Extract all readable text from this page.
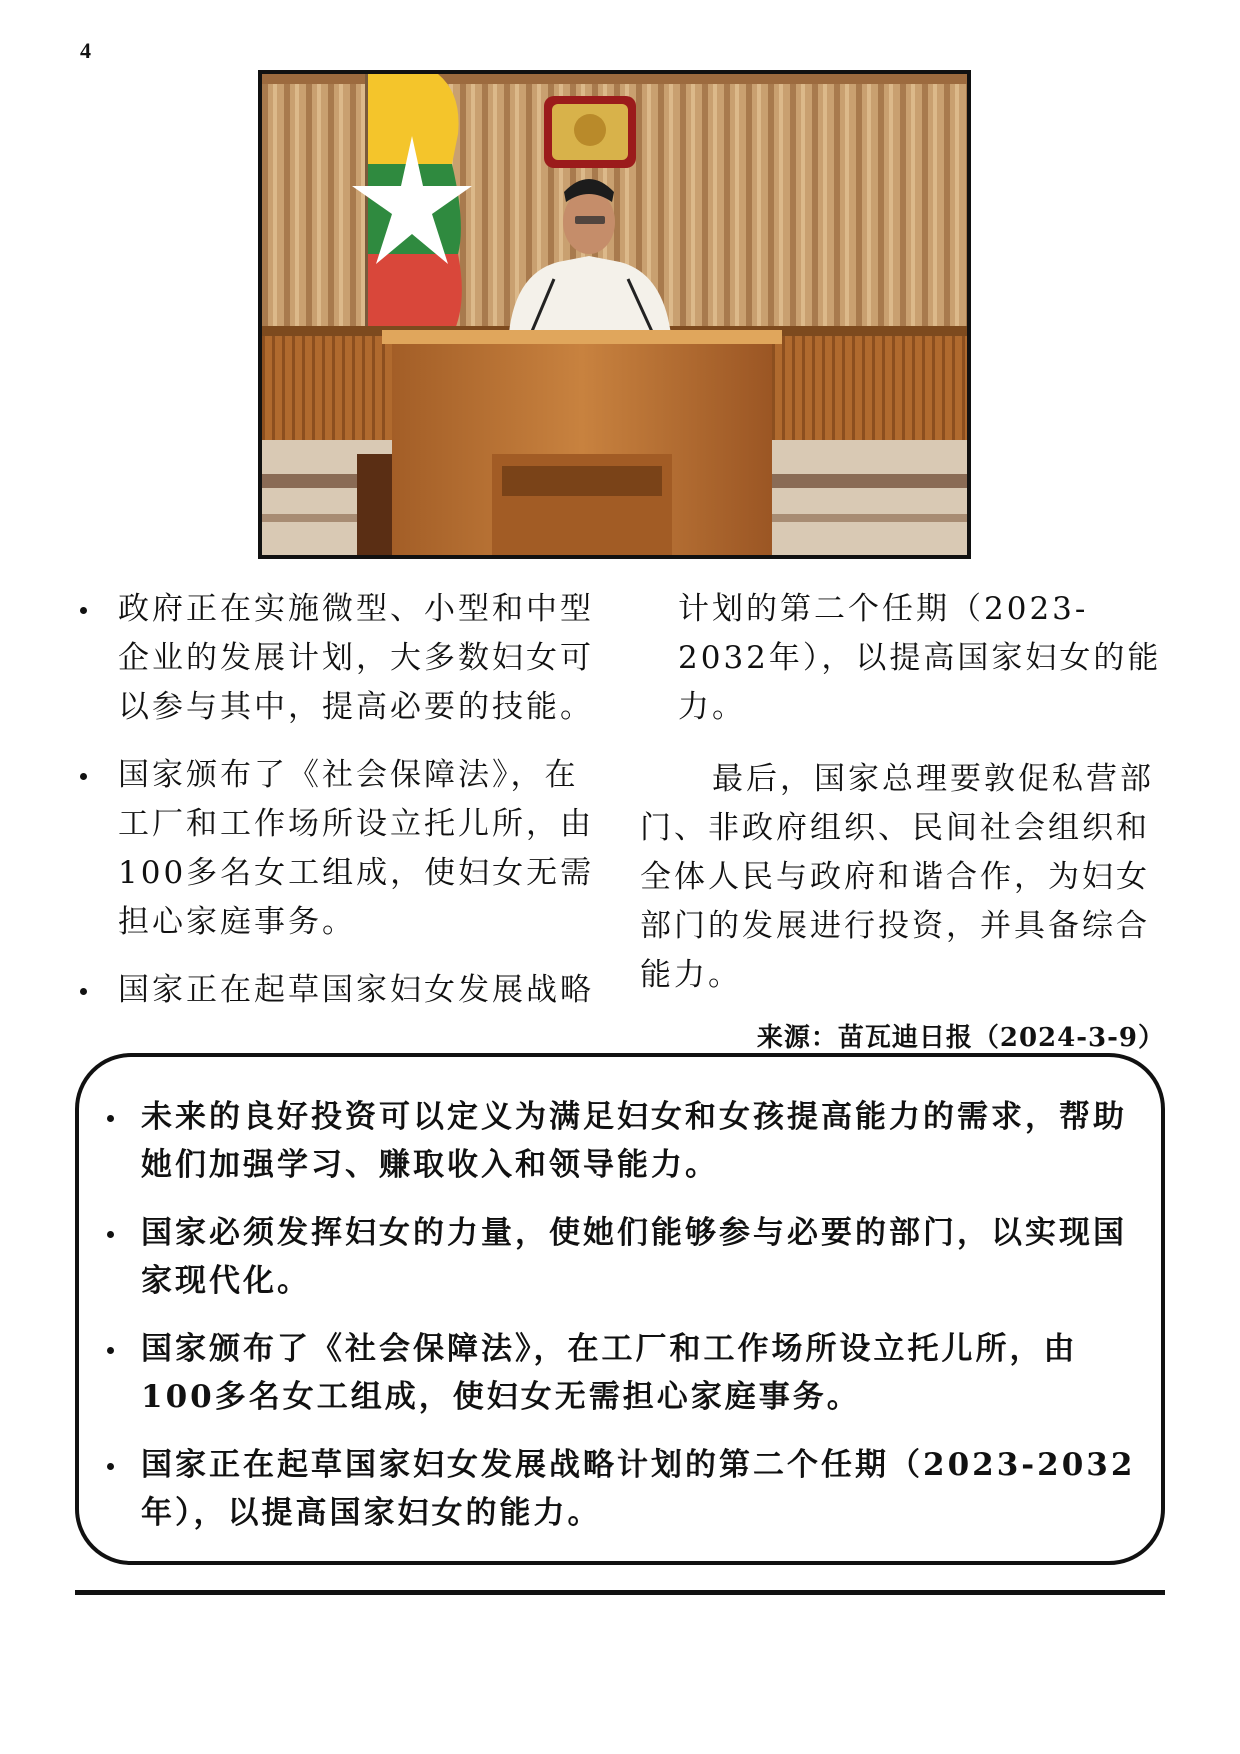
4
政府正在实施微型、小型和中型企业的发展计划，大多数妇女可以参与其中，提高必要的技能。
国家颁布了《社会保障法》，在工厂和工作场所设立托儿所，由100多名女工组成，使妇女无需担心家庭事务。
国家正在起草国家妇女发展战略

计划的第二个任期（2023-2032年），以提高国家妇女的能力。

最后，国家总理要敦促私营部门、非政府组织、民间社会组织和全体人民与政府和谐合作，为妇女部门的发展进行投资，并具备综合能力。

来源：苗瓦迪日报（2024-3-9）
未来的良好投资可以定义为满足妇女和女孩提高能力的需求，帮助她们加强学习、赚取收入和领导能力。
国家必须发挥妇女的力量，使她们能够参与必要的部门，以实现国家现代化。
国家颁布了《社会保障法》，在工厂和工作场所设立托儿所，由100多名女工组成，使妇女无需担心家庭事务。
国家正在起草国家妇女发展战略计划的第二个任期（2023-2032年），以提高国家妇女的能力。
